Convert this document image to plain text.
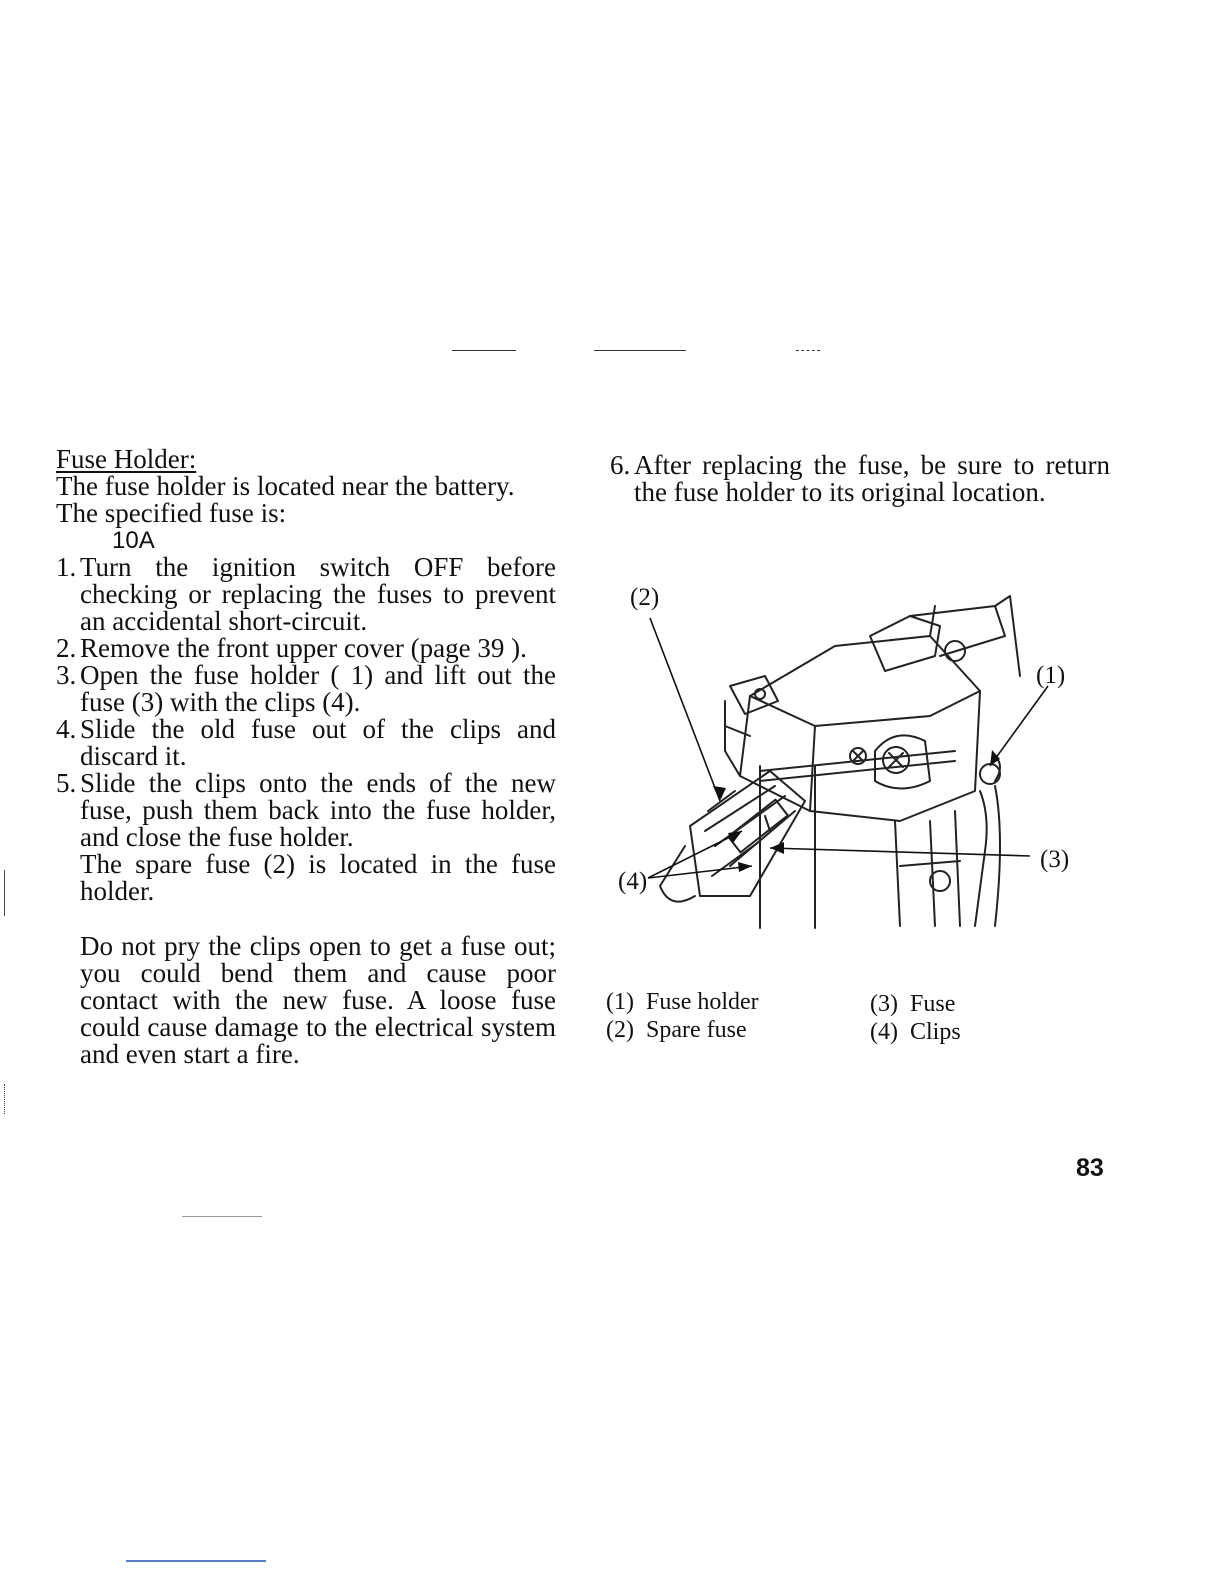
Fuse Holder:
The fuse holder is located near the battery.
The specified fuse is:
10A
1. Turn the ignition switch OFF before checking or replacing the fuses to prevent an accidental short-circuit.
2. Remove the front upper cover (page 39 ).
3. Open the fuse holder ( 1) and lift out the fuse (3) with the clips (4).
4. Slide the old fuse out of the clips and discard it.
5. Slide the clips onto the ends of the new fuse, push them back into the fuse holder, and close the fuse holder.
The spare fuse (2) is located in the fuse holder.
Do not pry the clips open to get a fuse out; you could bend them and cause poor contact with the new fuse. A loose fuse could cause damage to the electrical system and even start a fire.
6. After replacing the fuse, be sure to return the fuse holder to its original location.
(2)
(1)
(3)
(4)
(1) Fuse holder
(2) Spare fuse
(3) Fuse
(4) Clips
83
